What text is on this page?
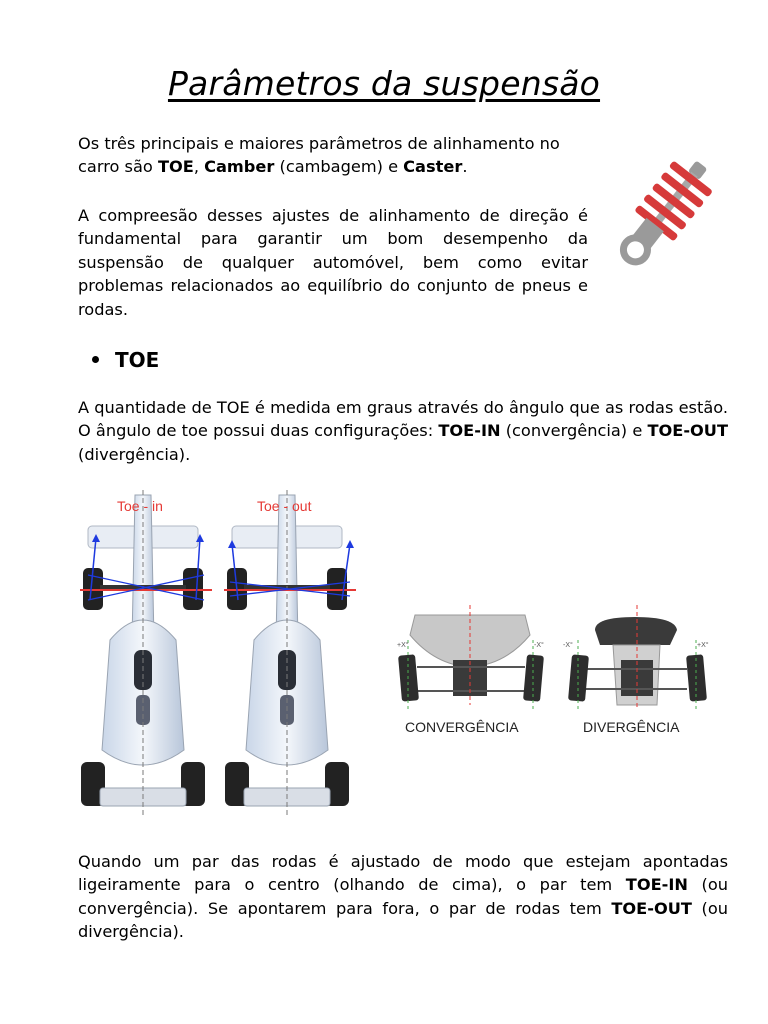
Parâmetros da suspensão

Os três principais e maiores parâmetros de alinhamento no carro são TOE, Camber (cambagem) e Caster.

A compreesão desses ajustes de alinhamento de direção é fundamental para garantir um bom desempenho da suspensão de qualquer automóvel, bem como evitar problemas relacionados ao equilíbrio do conjunto de pneus e rodas.

TOE

A quantidade de TOE é medida em graus através do ângulo que as rodas estão. O ângulo de toe possui duas configurações: TOE-IN (convergência) e TOE-OUT (divergência).

Toe - in	Toe - out
+X°	-X°
CONVERGÊNCIA
-X°	+X°
DIVERGÊNCIA

Quando um par das rodas é ajustado de modo que estejam apontadas ligeiramente para o centro (olhando de cima), o par tem TOE-IN (ou convergência). Se apontarem para fora, o par de rodas tem TOE-OUT (ou divergência).
